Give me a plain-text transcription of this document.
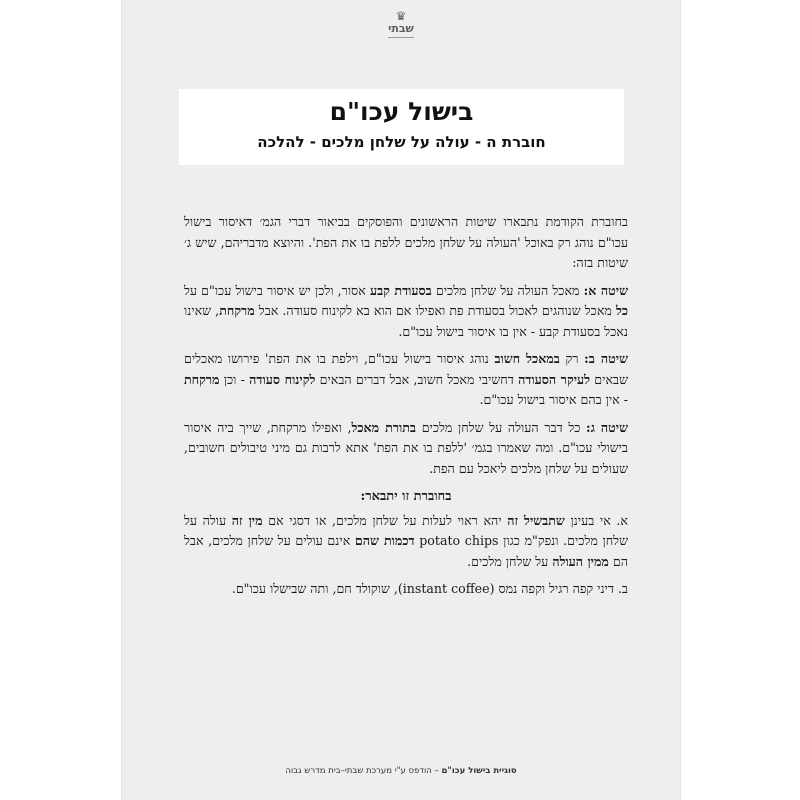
♛
שבתי
בישול עכו"ם
חוברת ה - עולה על שלחן מלכים - להלכה

בחוברת הקודמת נתבארו שיטות הראשונים והפוסקים בביאור דברי הגמ׳ דאיסור בישול עכו"ם נוהג רק באוכל 'העולה על שלחן מלכים ללפת בו את הפת'. והיוצא מדבריהם, שיש ג׳ שיטות בזה:

שיטה א: מאכל העולה על שלחן מלכים בסעודת קבע אסור, ולכן יש איסור בישול עכו"ם על כל מאכל שנוהגים לאכול בסעודת פת ואפילו אם הוא בא לקינוח סעודה. אבל מרקחת, שאינו נאכל בסעודת קבע - אין בו איסור בישול עכו"ם.

שיטה ב: רק במאכל חשוב נוהג איסור בישול עכו"ם, וילפת בו את הפת' פירושו מאכלים שבאים לעיקר הסעודה דחשיבי מאכל חשוב, אבל דברים הבאים לקינוח סעודה - וכן מרקחת - אין בהם איסור בישול עכו"ם.

שיטה ג: כל דבר העולה על שלחן מלכים בתורת מאכל, ואפילו מרקחת, שייך ביה איסור בישולי עכו"ם. ומה שאמרו בגמ׳ 'ללפת בו את הפת' אתא לרבות גם מיני טיבולים חשובים, שעולים על שלחן מלכים ליאכל עם הפת.

בחוברת זו יתבאר:

א. אי בעינן שתבשיל זה יהא ראוי לעלות על שלחן מלכים, או דסגי אם מין זה עולה על שלחן מלכים. ונפק"מ כגון potato chips דכמות שהם אינם עולים על שלחן מלכים, אבל הם ממין העולה על שלחן מלכים.

ב. דיני קפה רגיל וקפה נמס (instant coffee), שוקולד חם, ותה שבישלו עכו"ם.

סוגיית בישול עכו"ם – הודפס ע"י מערכת שבתי–בית מדרש גבוה
